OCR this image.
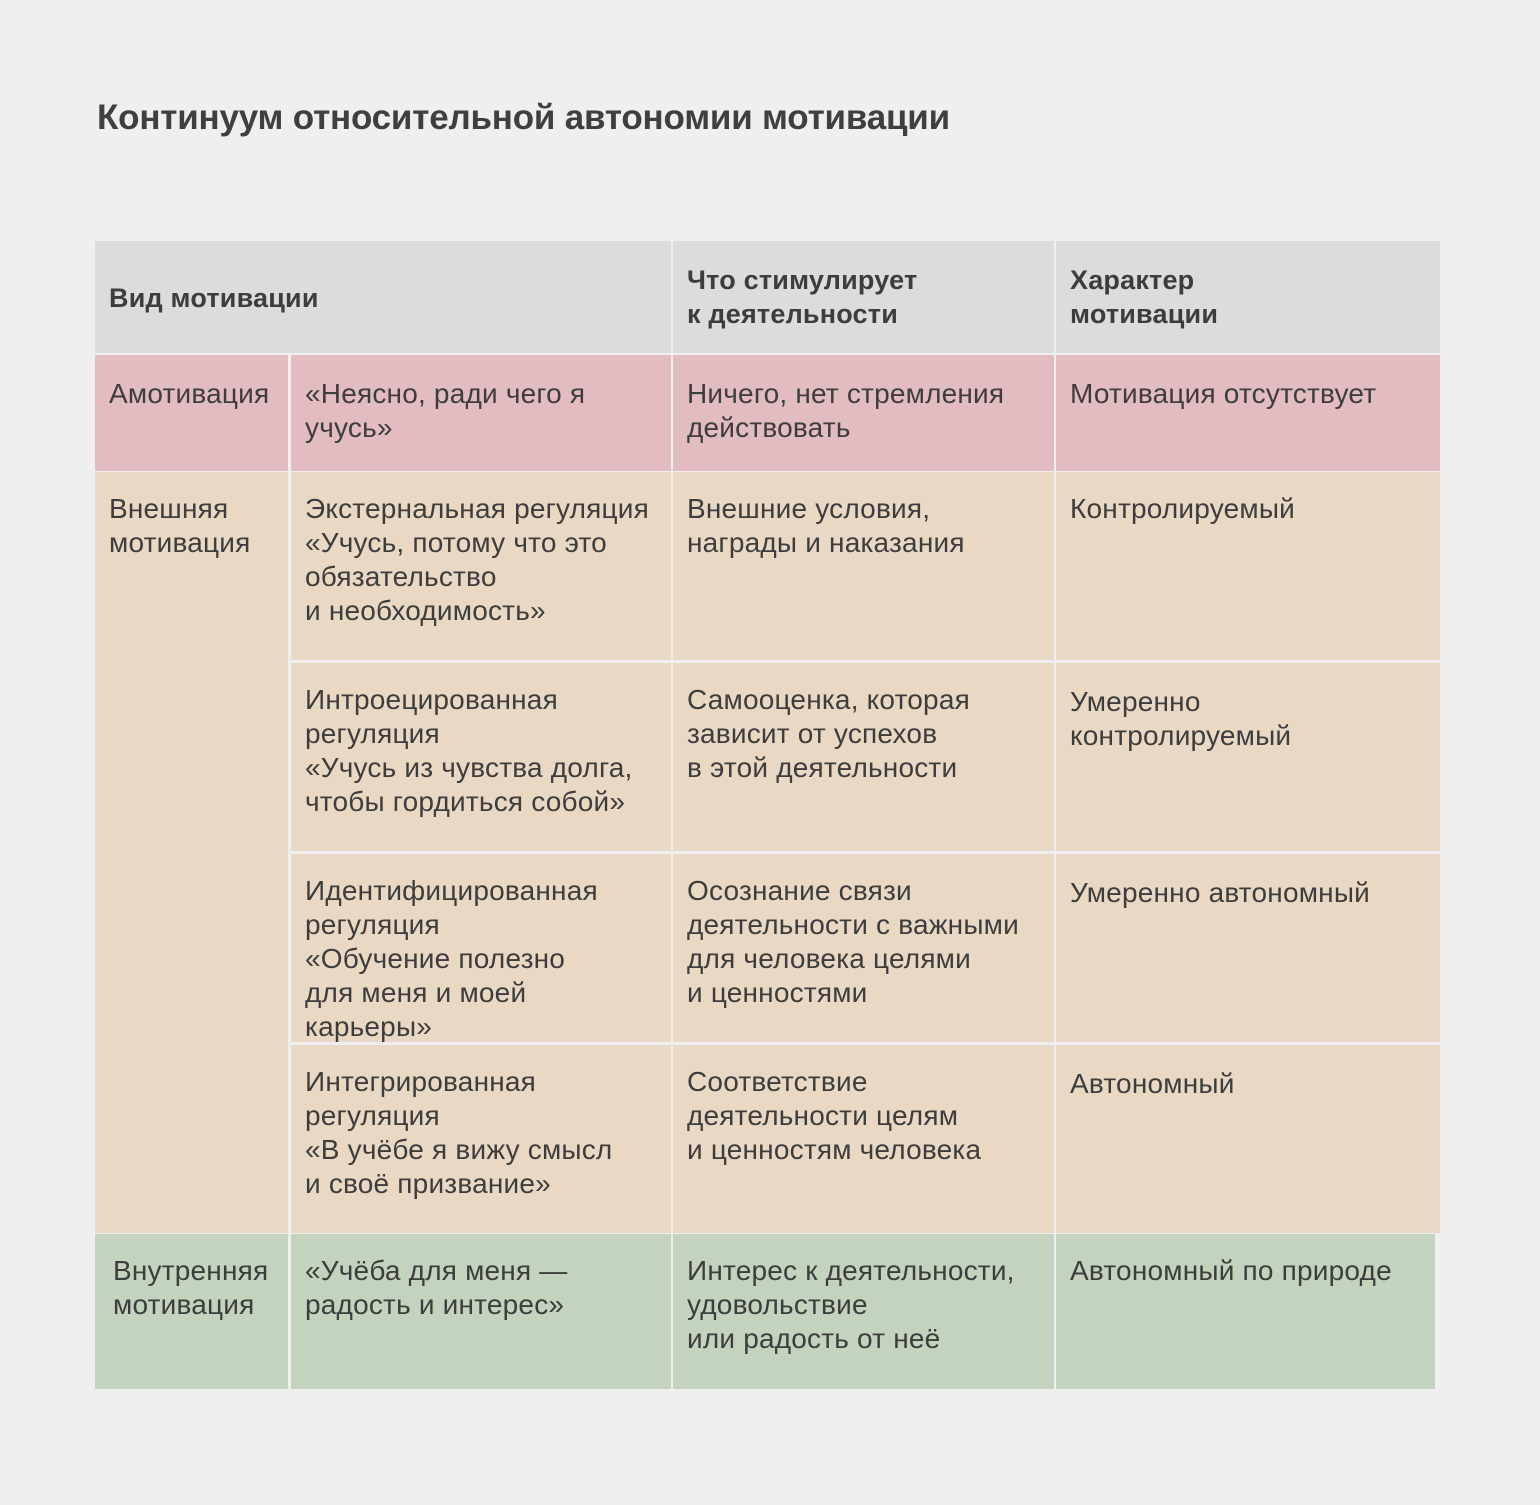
Континуум относительной автономии мотивации
Вид мотивации
Что стимулирует
к деятельности
Характер
мотивации
Амотивация	«Неясно, ради чего я
учусь»
Ничего, нет стремления
действовать
Мотивация отсутствует
Внешняя
мотивация
Экстернальная регуляция
«Учусь, потому что это
обязательство
и необходимость»
Внешние условия,
награды и наказания
Контролируемый
Интроецированная
регуляция
«Учусь из чувства долга,
чтобы гордиться собой»
Самооценка, которая
зависит от успехов
в этой деятельности
Умеренно
контролируемый
Идентифицированная
регуляция
«Обучение полезно
для меня и моей карьеры»
Осознание связи
деятельности с важными
для человека целями
и ценностями
Умеренно автономный
Интегрированная
регуляция
«В учёбе я вижу смысл
и своё призвание»
Соответствие
деятельности целям
и ценностям человека
Автономный
Внутренняя
мотивация
«Учёба для меня —
радость и интерес»
Интерес к деятельности,
удовольствие
или радость от неё
Автономный по природе
